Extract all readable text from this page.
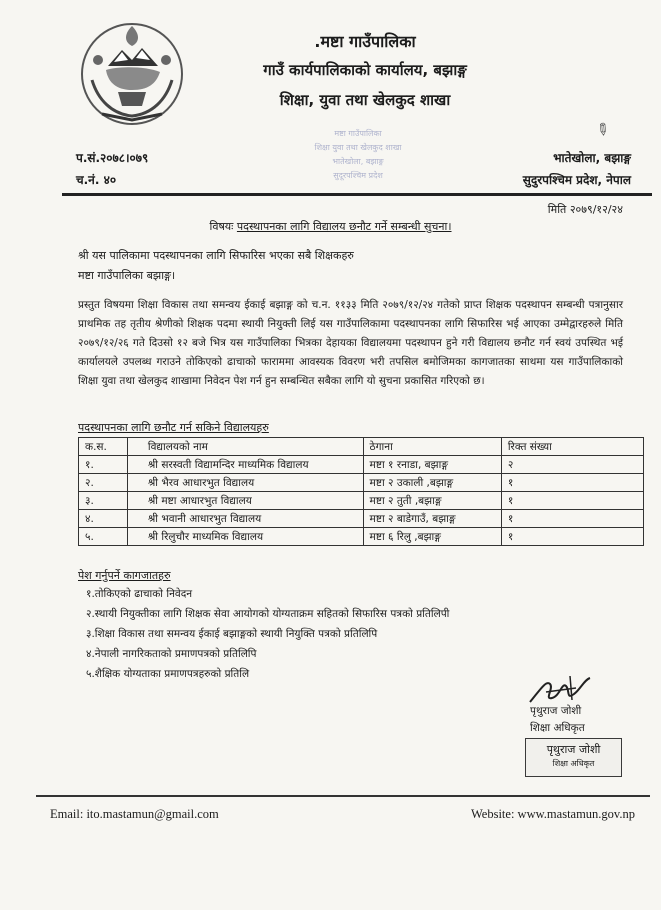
.मष्टा गाउँपालिका
गाउँ कार्यपालिकाको कार्यालय, बझाङ्ग
शिक्षा, युवा तथा खेलकुद शाखा
✎
मष्टा गाउँपालिका
शिक्षा युवा तथा खेलकुद शाखा
भातेखोला, बझाङ्ग
सुदूरपश्चिम प्रदेश
प.सं.२०७८।०७९
च.नं. ४०
भातेखोला, बझाङ्ग
सुदुरपश्चिम प्रदेश, नेपाल
मिति २०७९/१२/२४
विषयः पदस्थापनका लागि विद्यालय छनौट गर्ने सम्बन्धी सुचना।
श्री यस पालिकामा पदस्थापनका लागि सिफारिस भएका सबै शिक्षकहरु
मष्टा गाउँपालिका बझाङ्ग।
प्रस्तुत विषयमा शिक्षा विकास तथा समन्वय ईकाई बझाङ्ग को च.न. ११३३ मिति २०७९/१२/२४ गतेको प्राप्त शिक्षक पदस्थापन सम्बन्धी पत्रानुसार प्राथमिक तह तृतीय श्रेणीको शिक्षक पदमा स्थायी नियुक्ती लिई यस गाउँपालिकामा पदस्थापनका लागि सिफारिस भई आएका उम्मेद्वारहरुले मिति २०७९/१२/२६ गते दिउसो १२ बजे भित्र यस गाउँपालिका भित्रका देहायका विद्यालयमा पदस्थापन हुने गरी विद्यालय छनौट गर्न स्वयं उपस्थित भई कार्यालयले उपलब्ध गराउने तोकिएको ढाचाको फाराममा आवस्यक विवरण भरी तपसिल बमोजिमका कागजातका साथमा यस गाउँपालिकाको शिक्षा युवा तथा खेलकुद शाखामा निवेदन पेश गर्न हुन सम्बन्धित सबैका लागि यो सुचना प्रकासित गरिएको छ।
पदस्थापनका लागि छनौट गर्न सकिने विद्यालयहरु
क.स.	विद्यालयको नाम	ठेगाना	रिक्त संख्या
१.	श्री सरस्वती विद्यामन्दिर माध्यमिक विद्यालय	मष्टा १ रनाडा, बझाङ्ग	२
२.	श्री भैरव आधारभुत विद्यालय	मष्टा २ उकाली ,बझाङ्ग	१
३.	श्री मष्टा आधारभुत विद्यालय	मष्टा २ तुती ,बझाङ्ग	१
४.	श्री भवानी आधारभुत विद्यालय	मष्टा २ बाडेगाउँ, बझाङ्ग	१
५.	श्री रिलुचौर माध्यमिक विद्यालय	मष्टा ६ रिलु ,बझाङ्ग	१
पेश गर्नुपर्ने कागजातहरु
१.तोकिएको ढाचाको निवेदन
२.स्थायी नियुक्तीका लागि शिक्षक सेवा आयोगको योग्यताक्रम सहितको सिफारिस पत्रको प्रतिलिपी
३.शिक्षा विकास तथा समन्वय ईकाई बझाङ्गको स्थायी नियुक्ति पत्रको प्रतिलिपि
४.नेपाली नागरिकताको प्रमाणपत्रको प्रतिलिपि
५.शैक्षिक योग्यताका प्रमाणपत्रहरुको प्रतिलि
पृथुराज जोशी
शिक्षा अधिकृत
पृथुराज जोशी
शिक्षा अधिकृत
Email: ito.mastamun@gmail.com	Website: www.mastamun.gov.np
